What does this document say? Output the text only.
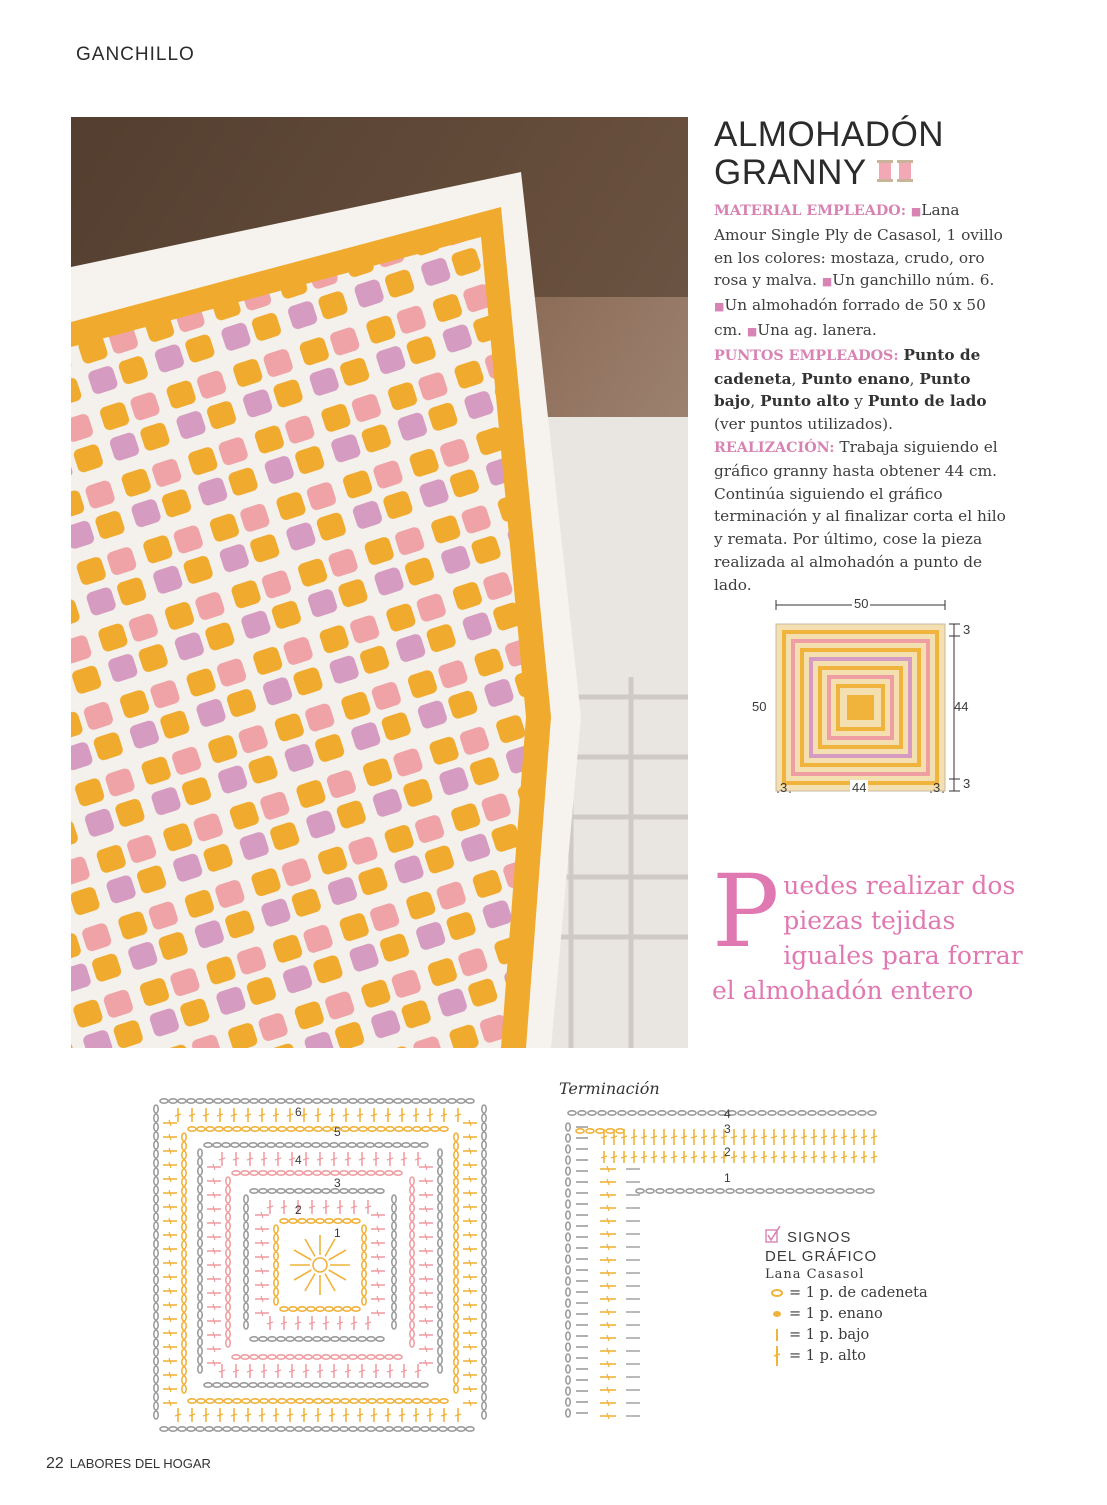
GANCHILLO
ALMOHADÓN
GRANNY
MATERIAL EMPLEADO: ■Lana Amour Single Ply de Casasol, 1 ovillo en los colores: mostaza, crudo, oro rosa y malva. ■Un ganchillo núm. 6. ■Un almohadón forrado de 50 x 50 cm. ■Una ag. lanera.
PUNTOS EMPLEADOS: Punto de cadeneta, Punto enano, Punto bajo, Punto alto y Punto de lado (ver puntos utilizados).
REALIZACIÓN: Trabaja siguiendo el gráfico granny hasta obtener 44 cm. Continúa siguiendo el gráfico terminación y al finalizar corta el hilo y remata. Por último, cose la pieza realizada al almohadón a punto de lado.
50
50	44
44
3
3
3	3
P uedes realizar dos piezas tejidas iguales para forrar el almohadón entero
6
5
4
3
2
1
Terminación
4
3
2
1
SIGNOS
DEL GRÁFICO
Lana Casasol
= 1 p. de cadeneta
= 1 p. enano
= 1 p. bajo
= 1 p. alto
22 LABORES DEL HOGAR
